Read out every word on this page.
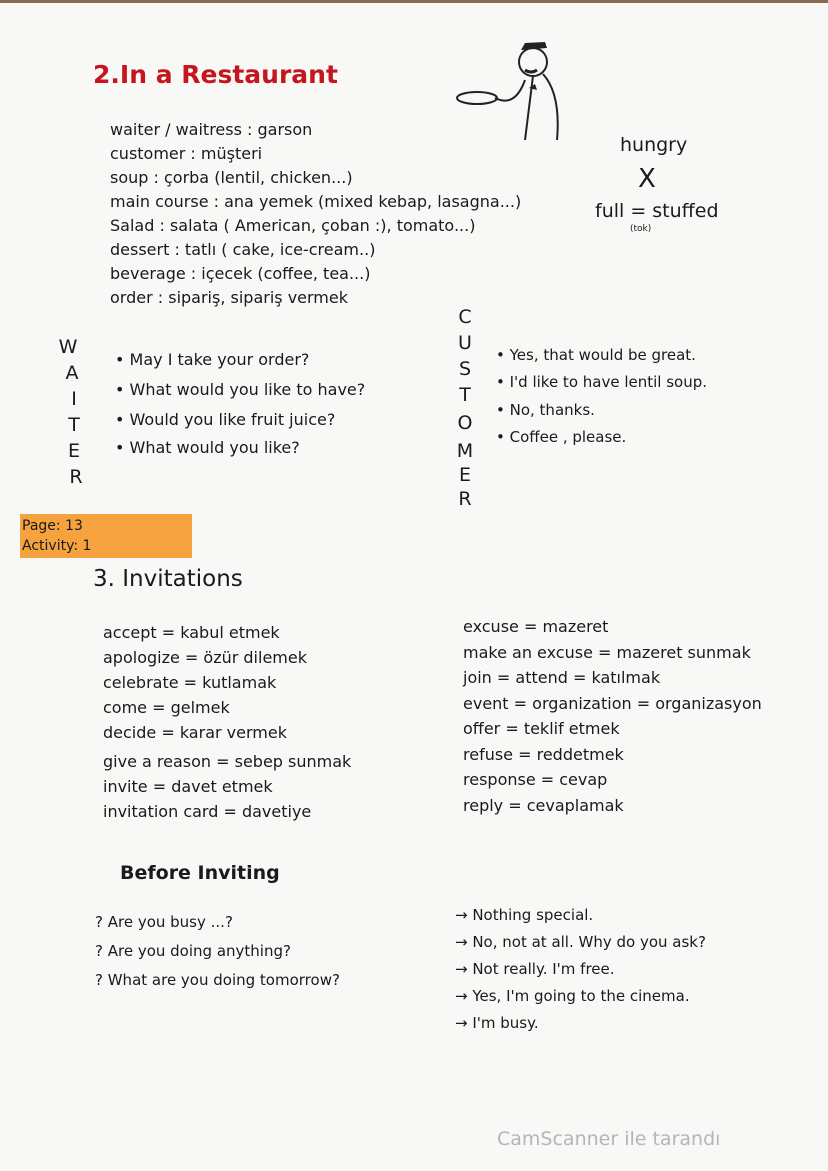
2.In a Restaurant
waiter / waitress : garson
customer : müşteri
soup : çorba (lentil, chicken...)
main course : ana yemek (mixed kebap, lasagna...)
Salad : salata ( American, çoban :), tomato...)
dessert : tatlı ( cake, ice-cream..)
beverage : içecek (coffee, tea...)
order : sipariş, sipariş vermek
hungry
X
full = stuffed
(tok)
W
A
I
T
E
R
• May I take your order?
• What would you like to have?
• Would you like fruit juice?
• What would you like?
C
U
S
T
O
M
E
R
• Yes, that would be great.
• I'd like to have lentil soup.
• No, thanks.
• Coffee , please.
Page: 13
Activity: 1
3. Invitations
accept = kabul etmek
apologize = özür dilemek
celebrate = kutlamak
come = gelmek
decide = karar vermek
give a reason = sebep sunmak
invite = davet etmek
invitation card = davetiye
excuse = mazeret
make an excuse = mazeret sunmak
join = attend = katılmak
event = organization = organizasyon
offer = teklif etmek
refuse = reddetmek
response = cevap
reply = cevaplamak
Before Inviting
? Are you busy ...?
? Are you doing anything?
? What are you doing tomorrow?
→ Nothing special.
→ No, not at all. Why do you ask?
→ Not really. I'm free.
→ Yes, I'm going to the cinema.
→ I'm busy.
CamScanner ile tarandı
